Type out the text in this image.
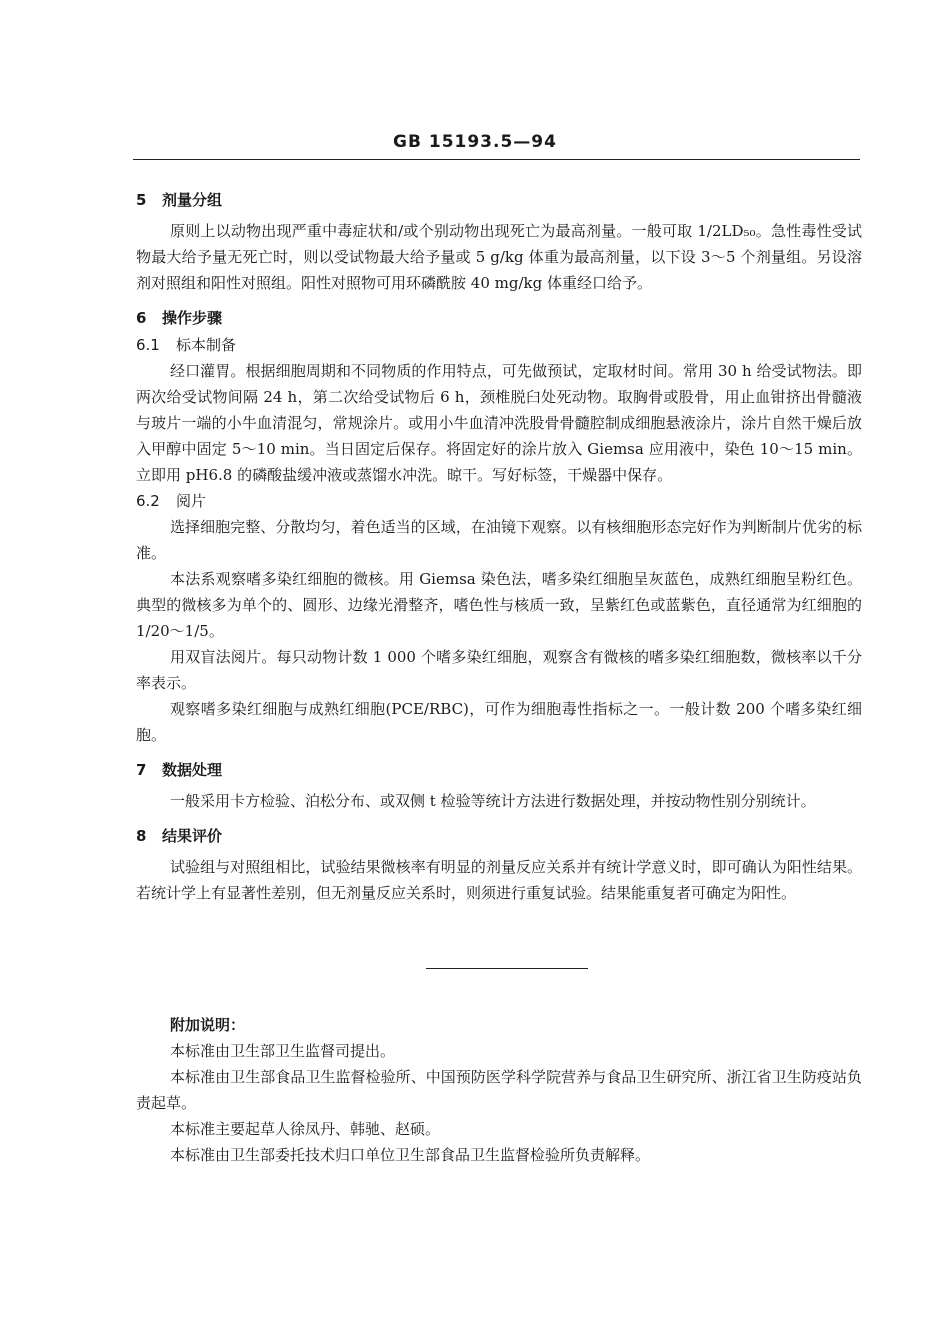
GB 15193.5—94
5 剂量分组

原则上以动物出现严重中毒症状和/或个别动物出现死亡为最高剂量。一般可取 1/2LD₅₀。急性毒性受试物最大给予量无死亡时，则以受试物最大给予量或 5 g/kg 体重为最高剂量，以下设 3～5 个剂量组。另设溶剂对照组和阳性对照组。阳性对照物可用环磷酰胺 40 mg/kg 体重经口给予。

6 操作步骤
6.1 标本制备

经口灌胃。根据细胞周期和不同物质的作用特点，可先做预试，定取材时间。常用 30 h 给受试物法。即两次给受试物间隔 24 h，第二次给受试物后 6 h，颈椎脱臼处死动物。取胸骨或股骨，用止血钳挤出骨髓液与玻片一端的小牛血清混匀，常规涂片。或用小牛血清冲洗股骨骨髓腔制成细胞悬液涂片，涂片自然干燥后放入甲醇中固定 5～10 min。当日固定后保存。将固定好的涂片放入 Giemsa 应用液中，染色 10～15 min。立即用 pH6.8 的磷酸盐缓冲液或蒸馏水冲洗。晾干。写好标签，干燥器中保存。

6.2 阅片

选择细胞完整、分散均匀，着色适当的区域，在油镜下观察。以有核细胞形态完好作为判断制片优劣的标准。

本法系观察嗜多染红细胞的微核。用 Giemsa 染色法，嗜多染红细胞呈灰蓝色，成熟红细胞呈粉红色。典型的微核多为单个的、圆形、边缘光滑整齐，嗜色性与核质一致，呈紫红色或蓝紫色，直径通常为红细胞的 1/20～1/5。

用双盲法阅片。每只动物计数 1 000 个嗜多染红细胞，观察含有微核的嗜多染红细胞数，微核率以千分率表示。

观察嗜多染红细胞与成熟红细胞(PCE/RBC)，可作为细胞毒性指标之一。一般计数 200 个嗜多染红细胞。

7 数据处理

一般采用卡方检验、泊松分布、或双侧 t 检验等统计方法进行数据处理，并按动物性别分别统计。

8 结果评价

试验组与对照组相比，试验结果微核率有明显的剂量反应关系并有统计学意义时，即可确认为阳性结果。若统计学上有显著性差别，但无剂量反应关系时，则须进行重复试验。结果能重复者可确定为阳性。

附加说明：

本标准由卫生部卫生监督司提出。

本标准由卫生部食品卫生监督检验所、中国预防医学科学院营养与食品卫生研究所、浙江省卫生防疫站负责起草。

本标准主要起草人徐凤丹、韩驰、赵硕。

本标准由卫生部委托技术归口单位卫生部食品卫生监督检验所负责解释。
